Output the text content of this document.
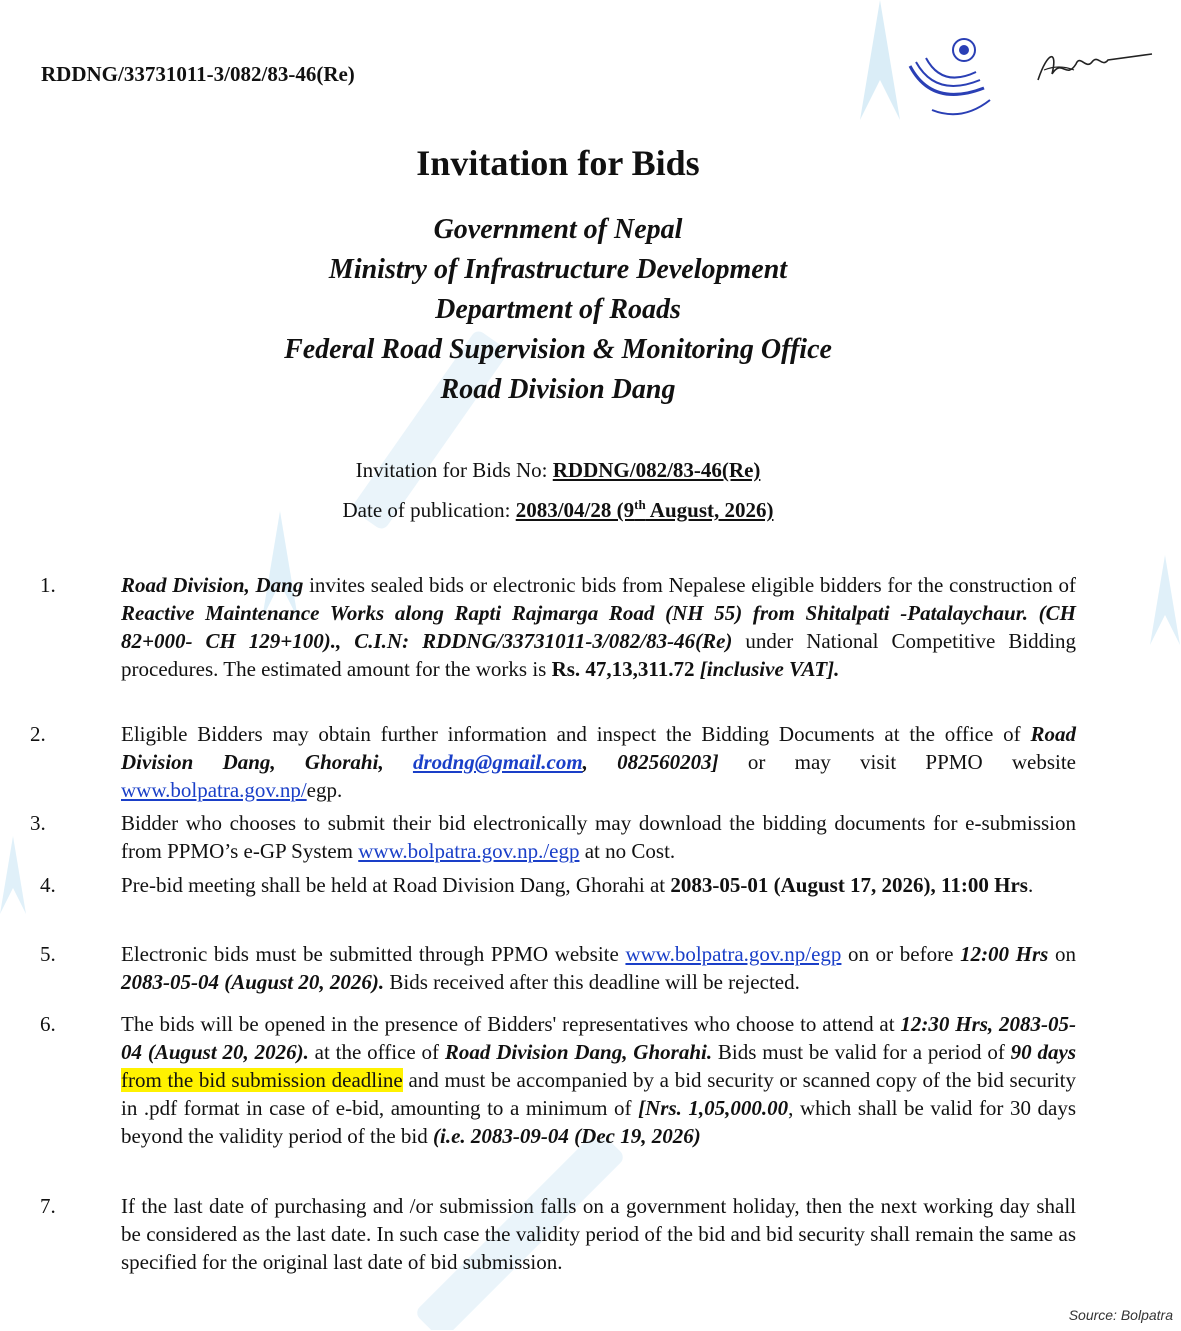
RDDNG/33731011-3/082/83-46(Re)
Invitation for Bids
Government of Nepal
Ministry of Infrastructure Development
Department of Roads
Federal Road Supervision & Monitoring Office
Road Division Dang
Invitation for Bids No: RDDNG/082/83-46(Re)
Date of publication: 2083/04/28 (9th August, 2026)
1.	Road Division, Dang invites sealed bids or electronic bids from Nepalese eligible bidders for the construction of Reactive Maintenance Works along Rapti Rajmarga Road (NH 55) from Shitalpati -Patalaychaur. (CH 82+000- CH 129+100)., C.I.N: RDDNG/33731011-3/082/83-46(Re) under National Competitive Bidding procedures. The estimated amount for the works is Rs. 47,13,311.72 [inclusive VAT].
2.	Eligible Bidders may obtain further information and inspect the Bidding Documents at the office of Road Division Dang, Ghorahi, drodng@gmail.com, 082560203] or may visit PPMO website www.bolpatra.gov.np/egp.
3.	Bidder who chooses to submit their bid electronically may download the bidding documents for e-submission from PPMO’s e-GP System www.bolpatra.gov.np./egp at no Cost.
4.	Pre-bid meeting shall be held at Road Division Dang, Ghorahi at 2083-05-01 (August 17, 2026), 11:00 Hrs.
5.	Electronic bids must be submitted through PPMO website www.bolpatra.gov.np/egp on or before 12:00 Hrs on 2083-05-04 (August 20, 2026). Bids received after this deadline will be rejected.
6.	The bids will be opened in the presence of Bidders' representatives who choose to attend at 12:30 Hrs, 2083-05-04 (August 20, 2026). at the office of Road Division Dang, Ghorahi. Bids must be valid for a period of 90 days from the bid submission deadline and must be accompanied by a bid security or scanned copy of the bid security in .pdf format in case of e-bid, amounting to a minimum of [Nrs. 1,05,000.00, which shall be valid for 30 days beyond the validity period of the bid (i.e. 2083-09-04 (Dec 19, 2026)
7.	If the last date of purchasing and /or submission falls on a government holiday, then the next working day shall be considered as the last date. In such case the validity period of the bid and bid security shall remain the same as specified for the original last date of bid submission.
Source: Bolpatra
